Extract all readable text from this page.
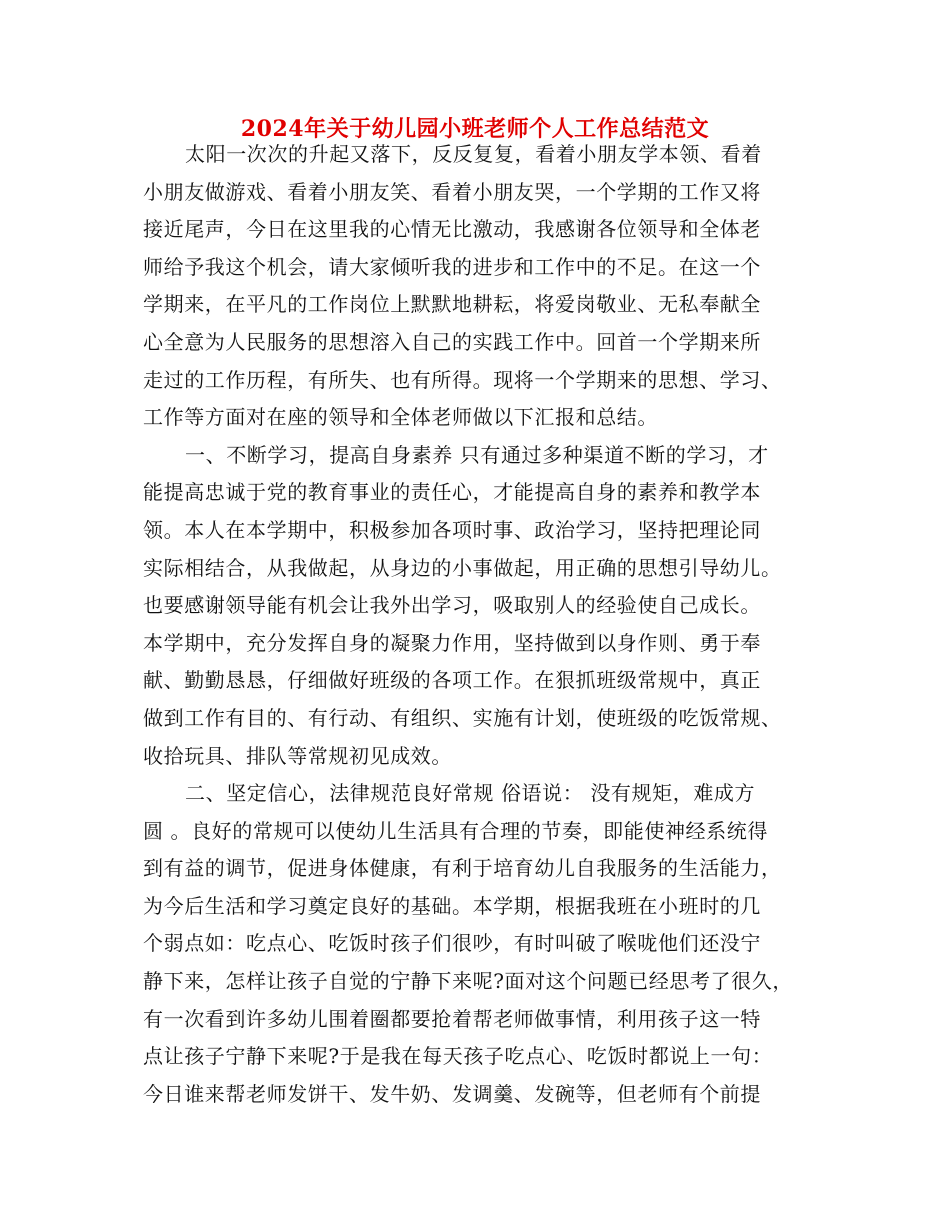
2024年关于幼儿园小班老师个人工作总结范文
太阳一次次的升起又落下，反反复复，看着小朋友学本领、看着
小朋友做游戏、看着小朋友笑、看着小朋友哭，一个学期的工作又将
接近尾声，今日在这里我的心情无比激动，我感谢各位领导和全体老
师给予我这个机会，请大家倾听我的进步和工作中的不足。在这一个
学期来，在平凡的工作岗位上默默地耕耘，将爱岗敬业、无私奉献全
心全意为人民服务的思想溶入自己的实践工作中。回首一个学期来所
走过的工作历程，有所失、也有所得。现将一个学期来的思想、学习、
工作等方面对在座的领导和全体老师做以下汇报和总结。
一、不断学习，提高自身素养 只有通过多种渠道不断的学习，才
能提高忠诚于党的教育事业的责任心，才能提高自身的素养和教学本
领。本人在本学期中，积极参加各项时事、政治学习，坚持把理论同
实际相结合，从我做起，从身边的小事做起，用正确的思想引导幼儿。
也要感谢领导能有机会让我外出学习，吸取别人的经验使自己成长。
本学期中，充分发挥自身的凝聚力作用，坚持做到以身作则、勇于奉
献、勤勤恳恳，仔细做好班级的各项工作。在狠抓班级常规中，真正
做到工作有目的、有行动、有组织、实施有计划，使班级的吃饭常规、
收拾玩具、排队等常规初见成效。
二、坚定信心，法律规范良好常规 俗语说： 没有规矩，难成方
圆 。良好的常规可以使幼儿生活具有合理的节奏，即能使神经系统得
到有益的调节，促进身体健康，有利于培育幼儿自我服务的生活能力，
为今后生活和学习奠定良好的基础。本学期，根据我班在小班时的几
个弱点如：吃点心、吃饭时孩子们很吵，有时叫破了喉咙他们还没宁
静下来，怎样让孩子自觉的宁静下来呢?面对这个问题已经思考了很久，
有一次看到许多幼儿围着圈都要抢着帮老师做事情，利用孩子这一特
点让孩子宁静下来呢?于是我在每天孩子吃点心、吃饭时都说上一句：
今日谁来帮老师发饼干、发牛奶、发调羹、发碗等，但老师有个前提
